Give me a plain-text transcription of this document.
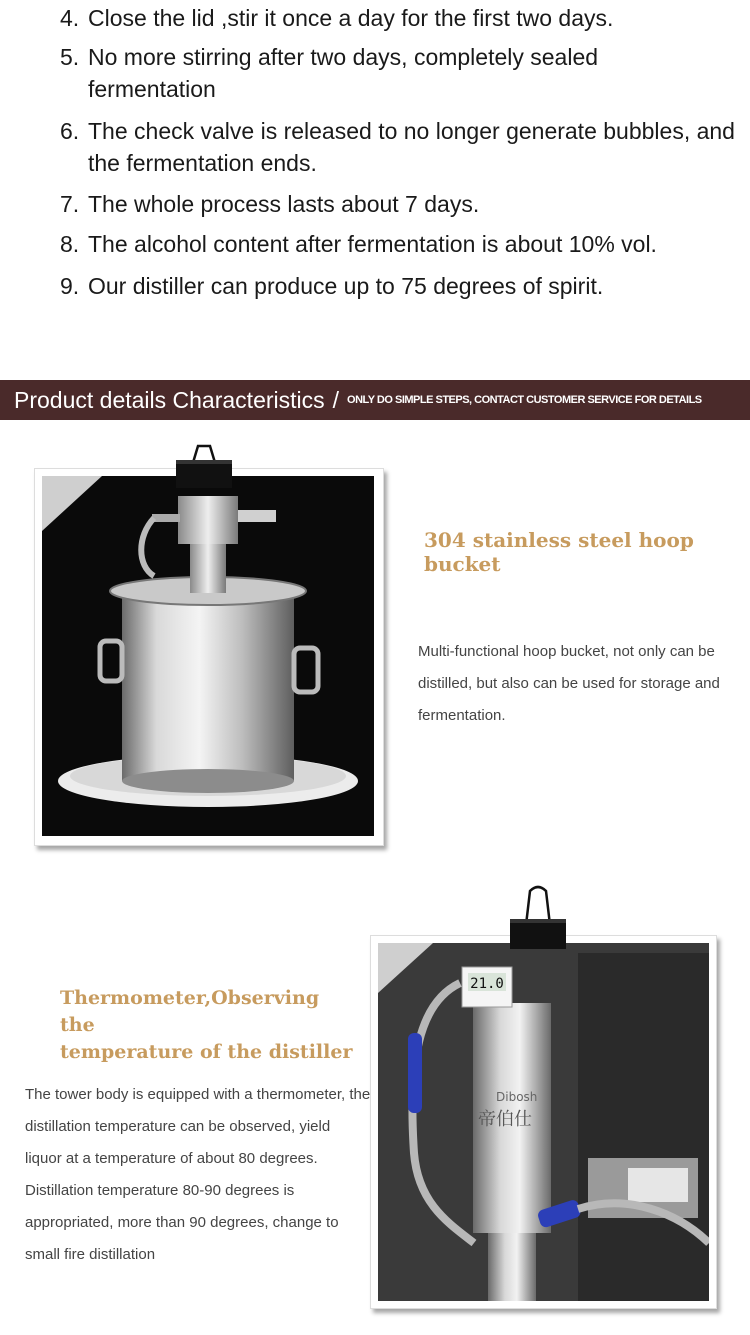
4. Close the lid ,stir it once a day for the first two days.
5. No more stirring after two days, completely sealed fermentation
6. The check valve is released to no longer generate bubbles, and the fermentation ends.
7. The whole process lasts about 7 days.
8. The alcohol content after fermentation is about 10% vol.
9. Our distiller can produce up to 75 degrees of spirit.
Product details Characteristics / ONLY DO SIMPLE STEPS, CONTACT CUSTOMER SERVICE FOR DETAILS
304 stainless steel hoop bucket
Multi-functional hoop bucket, not only can be distilled, but also can be used for storage and fermentation.
Thermometer,Observing the
temperature of the distiller
The tower body is equipped with a thermometer, the distillation temperature can be observed, yield liquor at a temperature of about 80 degrees. Distillation temperature 80-90 degrees is appropriated, more than 90 degrees, change to small fire distillation
21.0
Dibosh
帝伯仕
